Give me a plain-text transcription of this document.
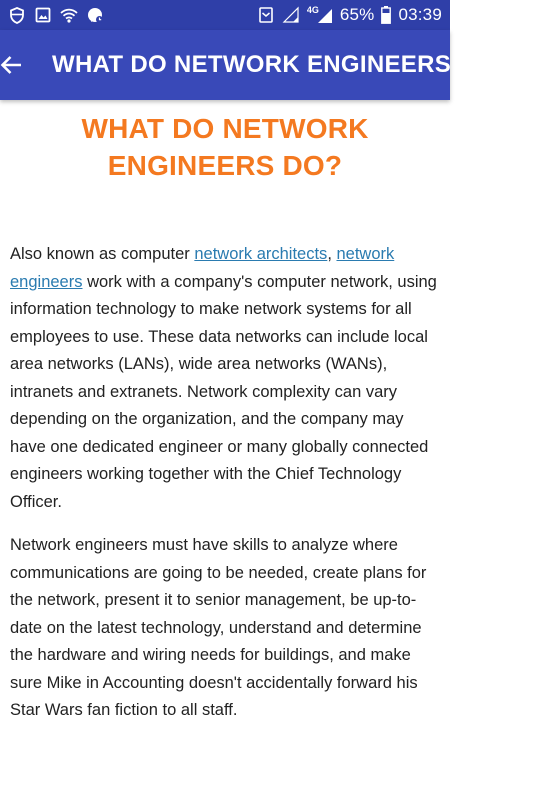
4G 65% 03:39
WHAT DO NETWORK ENGINEERS DO?
WHAT DO NETWORK ENGINEERS DO?

Also known as computer network architects, network engineers work with a company's computer network, using information technology to make network systems for all employees to use. These data networks can include local area networks (LANs), wide area networks (WANs), intranets and extranets. Network complexity can vary depending on the organization, and the company may have one dedicated engineer or many globally connected engineers working together with the Chief Technology Officer.

Network engineers must have skills to analyze where communications are going to be needed, create plans for the network, present it to senior management, be up-to-date on the latest technology, understand and determine the hardware and wiring needs for buildings, and make sure Mike in Accounting doesn't accidentally forward his Star Wars fan fiction to all staff.
